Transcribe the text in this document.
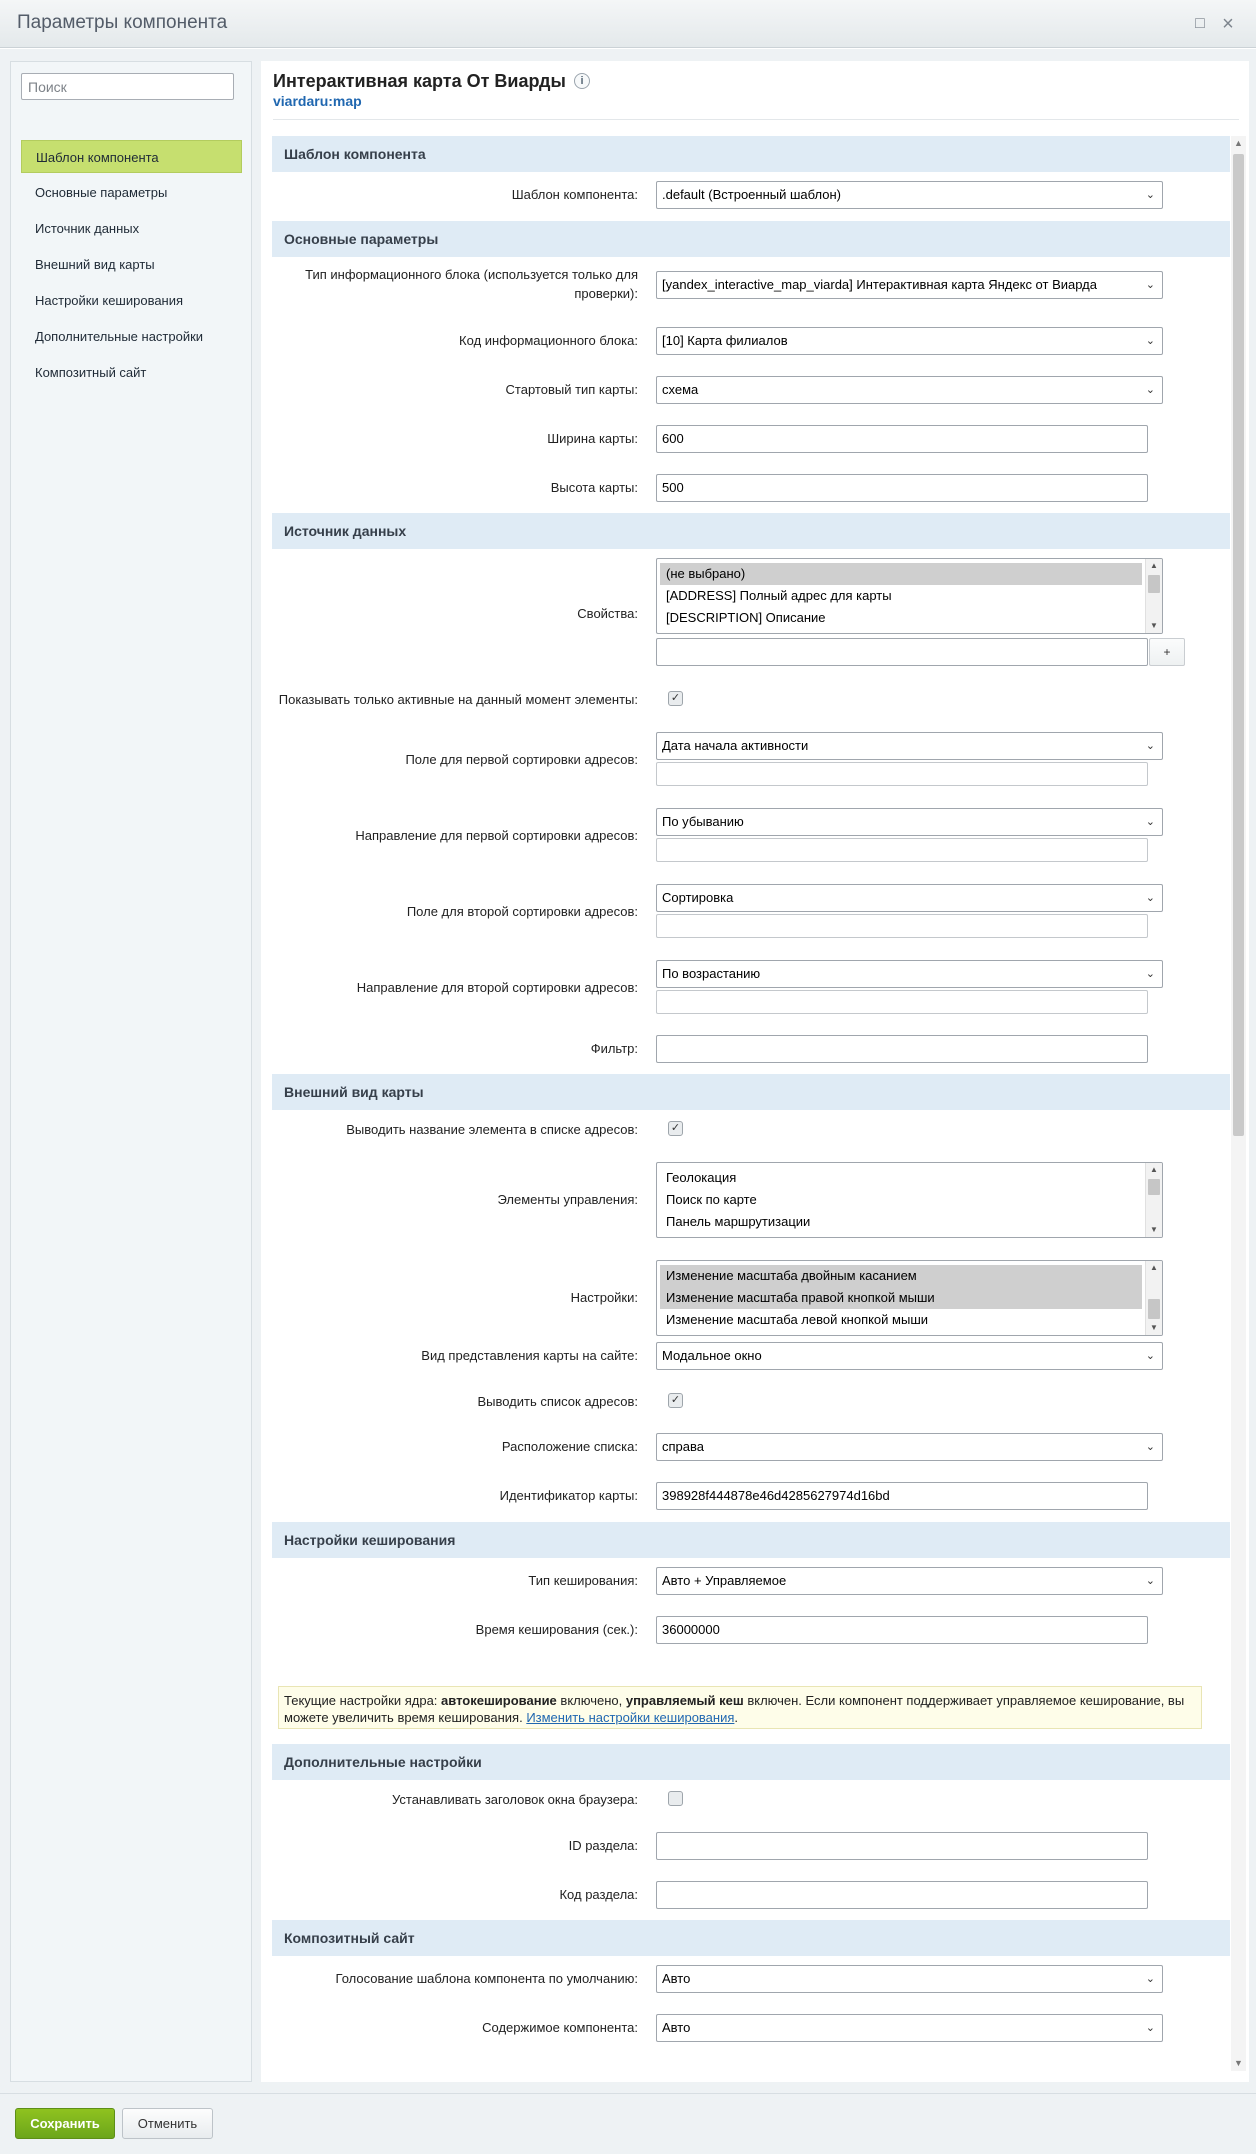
Параметры компонента	□ ×
Поиск
Шаблон компонента
Основные параметры
Источник данных
Внешний вид карты
Настройки кеширования
Дополнительные настройки
Композитный сайт
Интерактивная карта От Виарды	i
viardaru:map
Шаблон компонента
Шаблон компонента:	.default (Встроенный шаблон)	⌄
Основные параметры
Тип информационного блока (используется только для
проверки):
[yandex_interactive_map_viarda] Интерактивная карта Яндекс от Виарда	⌄
Код информационного блока:	[10] Карта филиалов	⌄
Стартовый тип карты:	схема	⌄
Ширина карты:	600
Высота карты:	500
Источник данных
Свойства:
(не выбрано)
[ADDRESS] Полный адрес для карты
[DESCRIPTION] Описание
▲
▼
+
Показывать только активные на данный момент элементы:	✓
Поле для первой сортировки адресов:
Дата начала активности	⌄
Направление для первой сортировки адресов:
По убыванию	⌄
Поле для второй сортировки адресов:
Сортировка	⌄
Направление для второй сортировки адресов:
По возрастанию	⌄
Фильтр:
Внешний вид карты
Выводить название элемента в списке адресов:	✓
Элементы управления:
Геолокация
Поиск по карте
Панель маршрутизации
▲
▼
Настройки:
Изменение масштаба двойным касанием
Изменение масштаба правой кнопкой мыши
Изменение масштаба левой кнопкой мыши
▲
▼
Вид представления карты на сайте:	Модальное окно	⌄
Выводить список адресов:	✓
Расположение списка:	справа	⌄
Идентификатор карты:	398928f444878e46d4285627974d16bd
Настройки кеширования
Тип кеширования:	Авто + Управляемое	⌄
Время кеширования (сек.):	36000000
Текущие настройки ядра: автокеширование включено, управляемый кеш включен. Если компонент поддерживает управляемое кеширование, вы можете увеличить время кеширования. Изменить настройки кеширования.
Дополнительные настройки
Устанавливать заголовок окна браузера:
ID раздела:
Код раздела:
Композитный сайт
Голосование шаблона компонента по умолчанию:	Авто	⌄
Содержимое компонента:	Авто	⌄
▲
▼
Сохранить	Отменить
